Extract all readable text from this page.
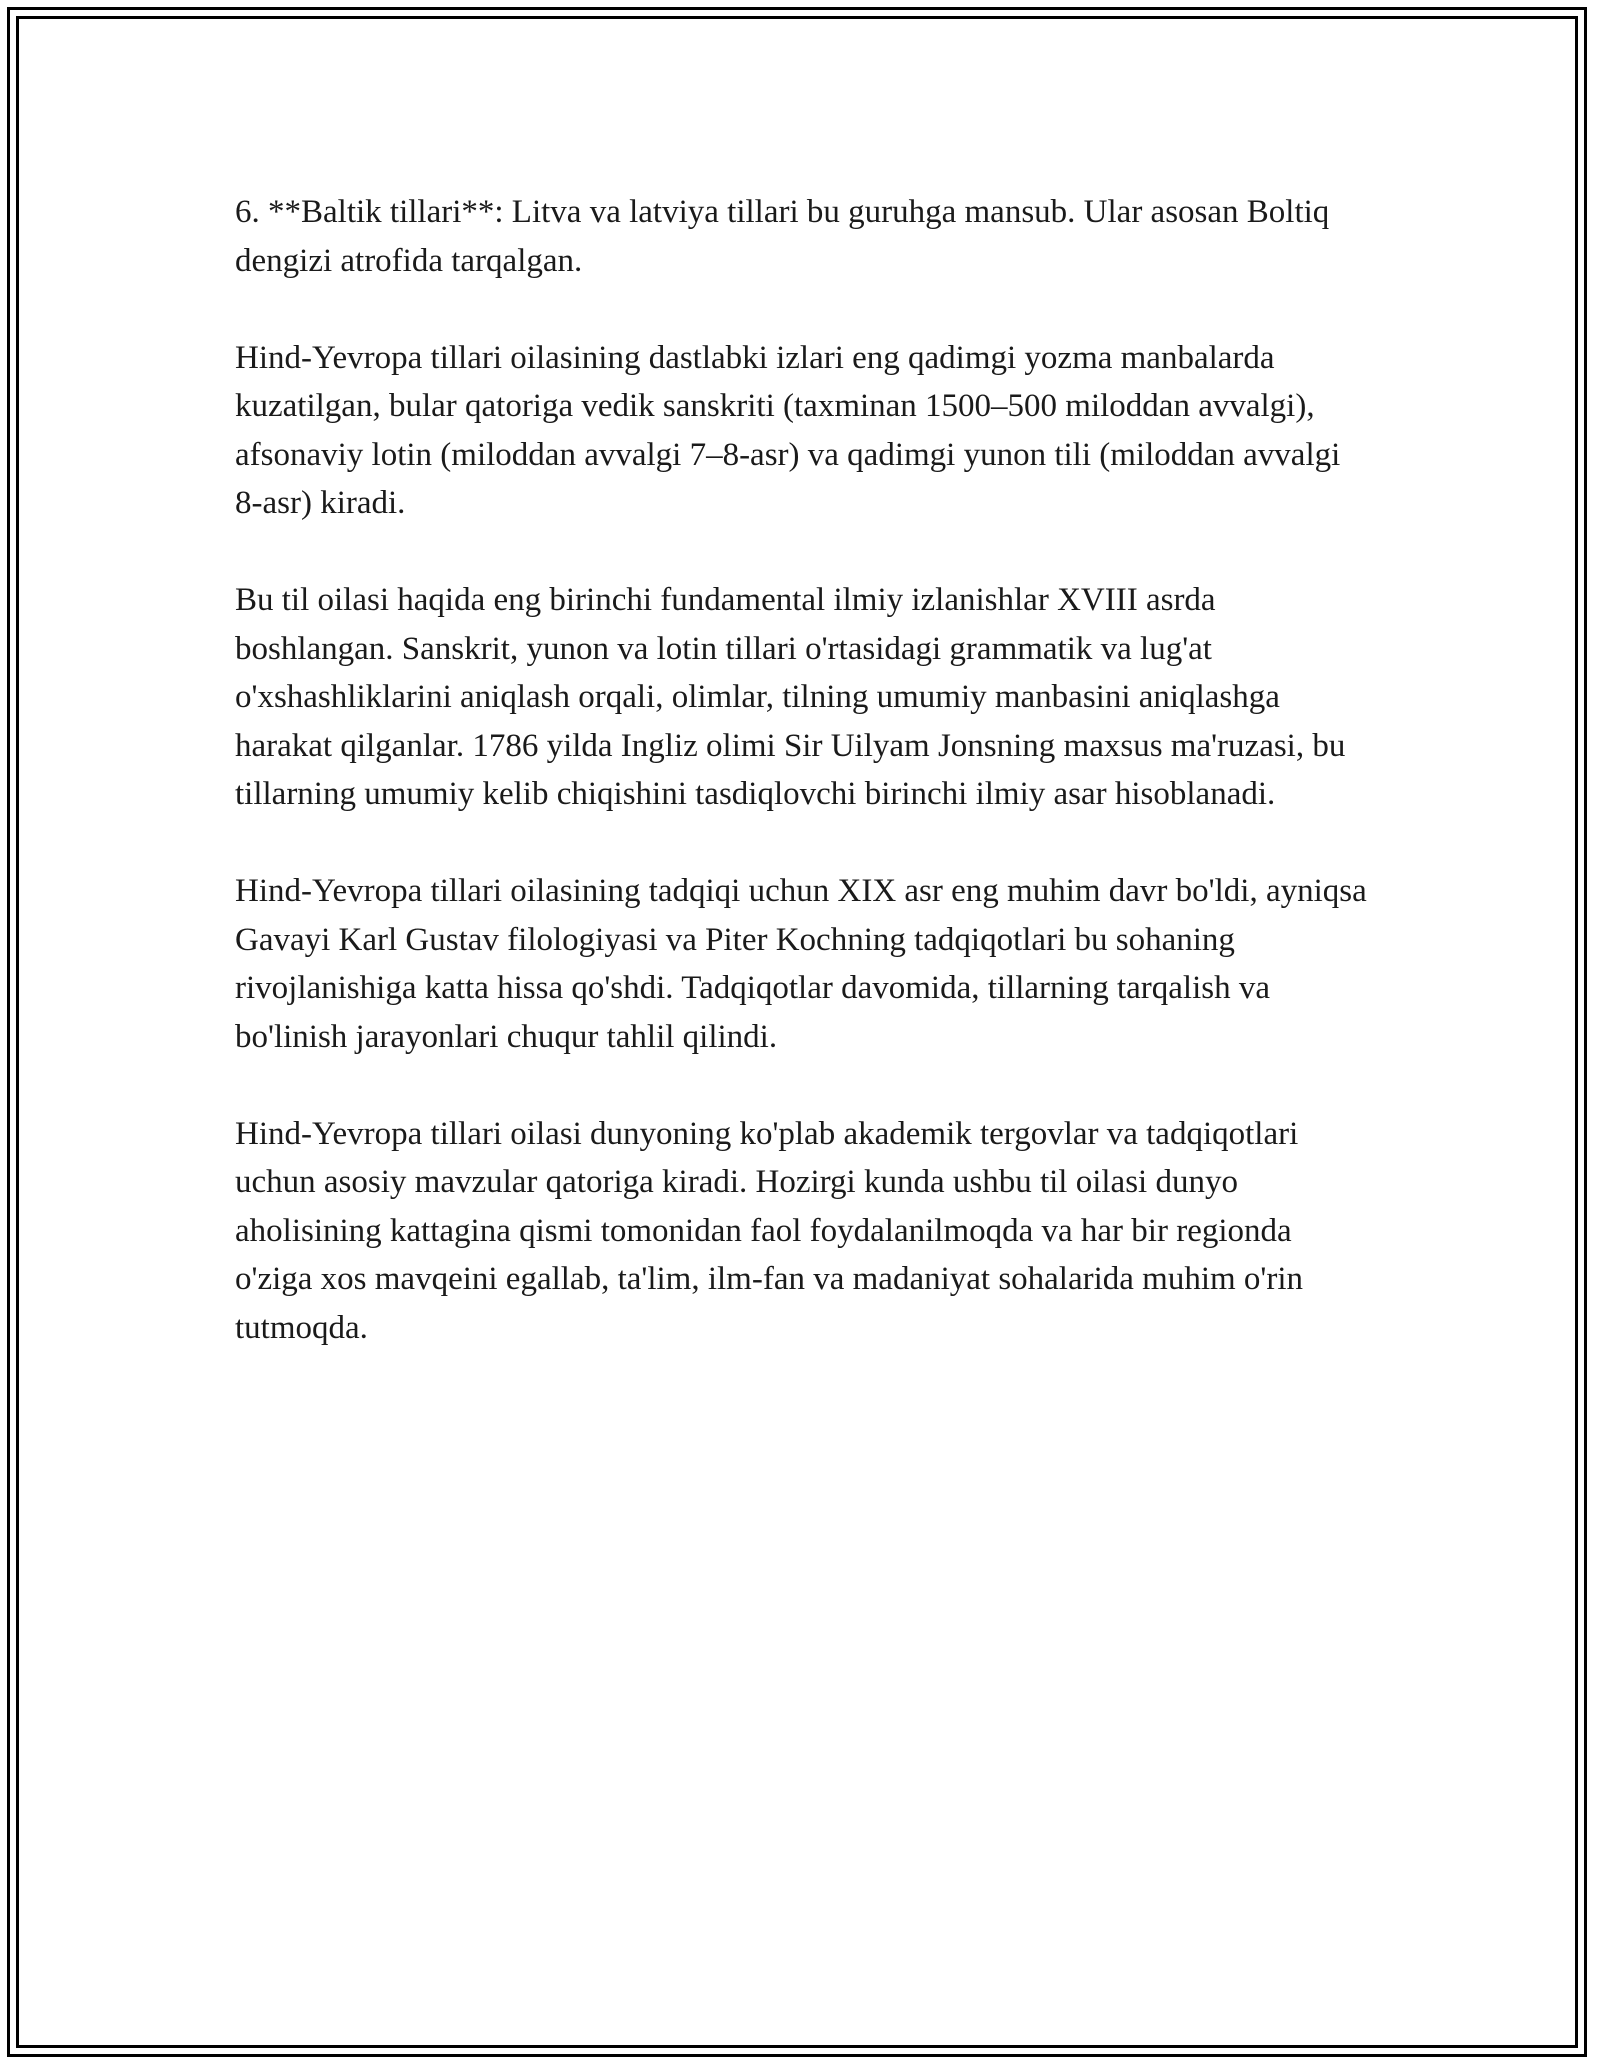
6. **Baltik tillari**: Litva va latviya tillari bu guruhga mansub. Ular asosan Boltiq dengizi atrofida tarqalgan.

Hind-Yevropa tillari oilasining dastlabki izlari eng qadimgi yozma manbalarda kuzatilgan, bular qatoriga vedik sanskriti (taxminan 1500–500 miloddan avvalgi), afsonaviy lotin (miloddan avvalgi 7–8-asr) va qadimgi yunon tili (miloddan avvalgi 8-asr) kiradi.

Bu til oilasi haqida eng birinchi fundamental ilmiy izlanishlar XVIII asrda boshlangan. Sanskrit, yunon va lotin tillari o'rtasidagi grammatik va lug'at o'xshashliklarini aniqlash orqali, olimlar, tilning umumiy manbasini aniqlashga harakat qilganlar. 1786 yilda Ingliz olimi Sir Uilyam Jonsning maxsus ma'ruzasi, bu tillarning umumiy kelib chiqishini tasdiqlovchi birinchi ilmiy asar hisoblanadi.

Hind-Yevropa tillari oilasining tadqiqi uchun XIX asr eng muhim davr bo'ldi, ayniqsa Gavayi Karl Gustav filologiyasi va Piter Kochning tadqiqotlari bu sohaning rivojlanishiga katta hissa qo'shdi. Tadqiqotlar davomida, tillarning tarqalish va bo'linish jarayonlari chuqur tahlil qilindi.

Hind-Yevropa tillari oilasi dunyoning ko'plab akademik tergovlar va tadqiqotlari uchun asosiy mavzular qatoriga kiradi. Hozirgi kunda ushbu til oilasi dunyo aholisining kattagina qismi tomonidan faol foydalanilmoqda va har bir regionda o'ziga xos mavqeini egallab, ta'lim, ilm-fan va madaniyat sohalarida muhim o'rin tutmoqda.
